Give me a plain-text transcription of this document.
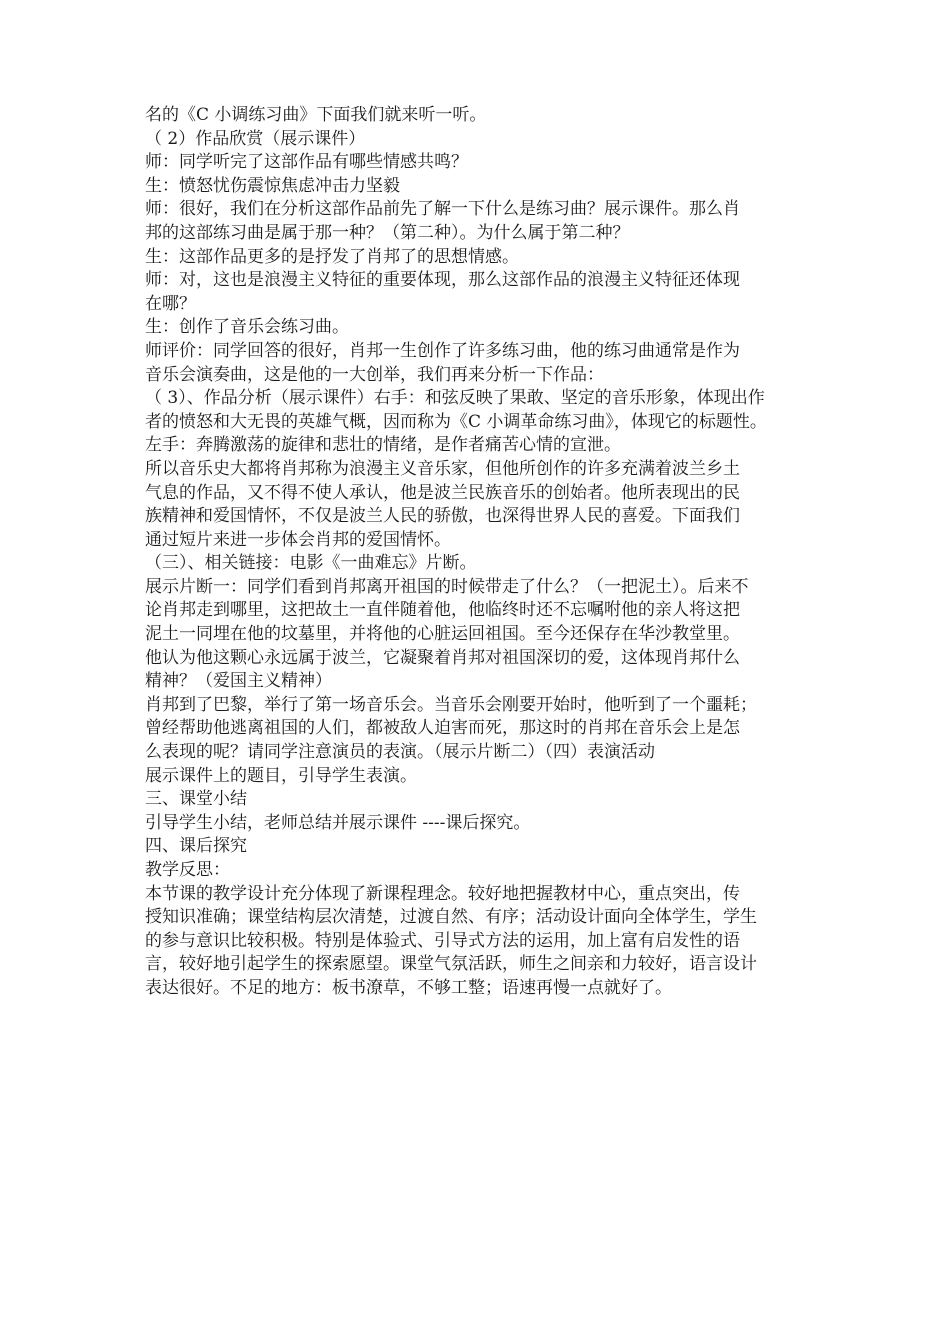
名的《C 小调练习曲》下面我们就来听一听。
（ 2）作品欣赏（展示课件）
师：同学听完了这部作品有哪些情感共鸣？
生：愤怒忧伤震惊焦虑冲击力坚毅
师：很好，我们在分析这部作品前先了解一下什么是练习曲？展示课件。那么肖
邦的这部练习曲是属于那一种？（第二种）。为什么属于第二种？
生：这部作品更多的是抒发了肖邦了的思想情感。
师：对，这也是浪漫主义特征的重要体现，那么这部作品的浪漫主义特征还体现
在哪？
生：创作了音乐会练习曲。
师评价：同学回答的很好，肖邦一生创作了许多练习曲，他的练习曲通常是作为
音乐会演奏曲，这是他的一大创举，我们再来分析一下作品：
（ 3）、作品分析（展示课件）右手：和弦反映了果敢、坚定的音乐形象，体现出作
者的愤怒和大无畏的英雄气概，因而称为《C 小调革命练习曲》，体现它的标题性。
左手：奔腾激荡的旋律和悲壮的情绪，是作者痛苦心情的宣泄。
所以音乐史大都将肖邦称为浪漫主义音乐家，但他所创作的许多充满着波兰乡土
气息的作品，又不得不使人承认，他是波兰民族音乐的创始者。他所表现出的民
族精神和爱国情怀，不仅是波兰人民的骄傲，也深得世界人民的喜爱。下面我们
通过短片来进一步体会肖邦的爱国情怀。
（三）、相关链接：电影《一曲难忘》片断。
展示片断一：同学们看到肖邦离开祖国的时候带走了什么？（一把泥土）。后来不
论肖邦走到哪里，这把故土一直伴随着他，他临终时还不忘嘱咐他的亲人将这把
泥土一同埋在他的坟墓里，并将他的心脏运回祖国。至今还保存在华沙教堂里。
他认为他这颗心永远属于波兰，它凝聚着肖邦对祖国深切的爱，这体现肖邦什么
精神？（爱国主义精神）
肖邦到了巴黎，举行了第一场音乐会。当音乐会刚要开始时，他听到了一个噩耗；
曾经帮助他逃离祖国的人们，都被敌人迫害而死，那这时的肖邦在音乐会上是怎
么表现的呢？请同学注意演员的表演。（展示片断二）（四）表演活动
展示课件上的题目，引导学生表演。
三、课堂小结
引导学生小结，老师总结并展示课件 ----课后探究。
四、课后探究
教学反思：
本节课的教学设计充分体现了新课程理念。较好地把握教材中心，重点突出，传
授知识准确；课堂结构层次清楚，过渡自然、有序；活动设计面向全体学生，学生
的参与意识比较积极。特别是体验式、引导式方法的运用，加上富有启发性的语
言，较好地引起学生的探索愿望。课堂气氛活跃，师生之间亲和力较好，语言设计
表达很好。不足的地方：板书潦草，不够工整；语速再慢一点就好了。
